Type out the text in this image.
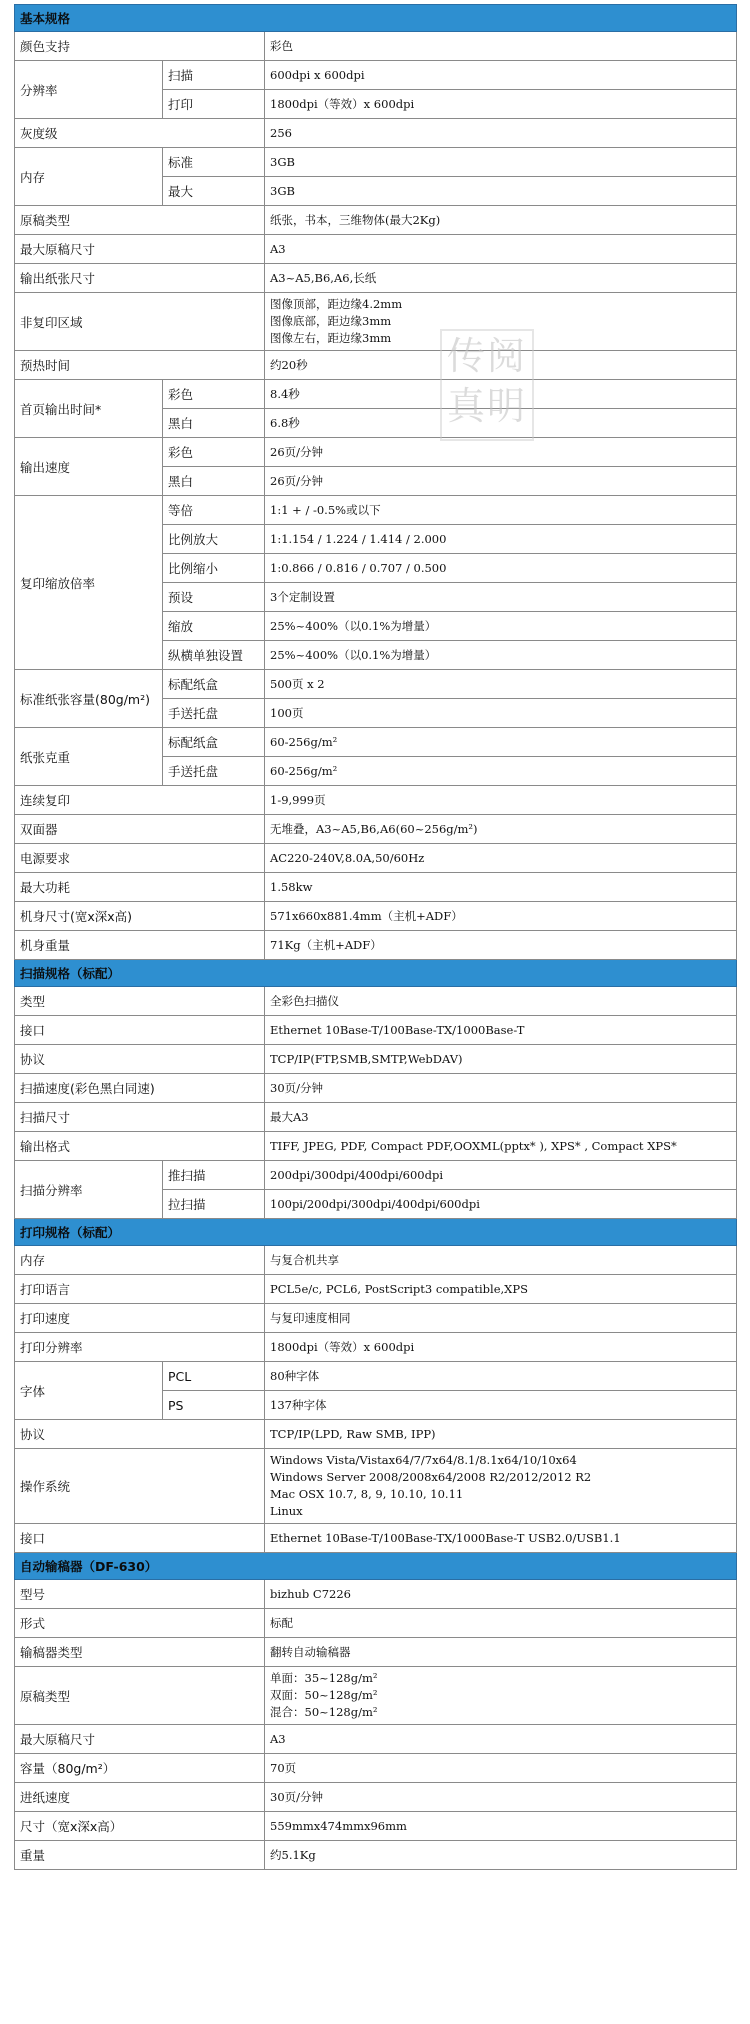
基本规格		
颜色支持		彩色
分辨率	扫描	600dpi x 600dpi
	打印	1800dpi（等效）x 600dpi
灰度级		256
内存	标准	3GB
	最大	3GB
原稿类型		纸张，书本，三维物体(最大2Kg)
最大原稿尺寸		A3
输出纸张尺寸		A3~A5,B6,A6,长纸
非复印区域		图像顶部，距边缘4.2mm
图像底部，距边缘3mm
图像左右，距边缘3mm

预热时间		约20秒
首页输出时间*	彩色	8.4秒
	黑白	6.8秒
输出速度	彩色	26页/分钟
	黑白	26页/分钟
复印缩放倍率	等倍	1:1 + / -0.5%或以下
	比例放大	1:1.154 / 1.224 / 1.414 / 2.000
	比例缩小	1:0.866 / 0.816 / 0.707 / 0.500
	预设	3个定制设置
	缩放	25%~400%（以0.1%为增量）
	纵横单独设置	25%~400%（以0.1%为增量）
标准纸张容量(80g/m²)	标配纸盒	500页 x 2
	手送托盘	100页
纸张克重	标配纸盒	60-256g/m²
	手送托盘	60-256g/m²
连续复印		1-9,999页
双面器		无堆叠，A3~A5,B6,A6(60~256g/m²)
电源要求		AC220-240V,8.0A,50/60Hz
最大功耗		1.58kw
机身尺寸(宽x深x高)		571x660x881.4mm（主机+ADF）
机身重量		71Kg（主机+ADF）
扫描规格（标配）		
类型		全彩色扫描仪
接口		Ethernet 10Base-T/100Base-TX/1000Base-T
协议		TCP/IP(FTP,SMB,SMTP,WebDAV)
扫描速度(彩色黑白同速)		30页/分钟
扫描尺寸		最大A3
输出格式		TIFF, JPEG, PDF, Compact PDF,OOXML(pptx* ), XPS* , Compact XPS*
扫描分辨率	推扫描	200dpi/300dpi/400dpi/600dpi
	拉扫描	100pi/200dpi/300dpi/400dpi/600dpi
打印规格（标配）		
内存		与复合机共享
打印语言		PCL5e/c, PCL6, PostScript3 compatible,XPS
打印速度		与复印速度相同
打印分辨率		1800dpi（等效）x 600dpi
字体	PCL	80种字体
	PS	137种字体
协议		TCP/IP(LPD, Raw SMB, IPP)
操作系统		Windows Vista/Vistax64/7/7x64/8.1/8.1x64/10/10x64
Windows Server 2008/2008x64/2008 R2/2012/2012 R2
Mac OSX 10.7, 8, 9, 10.10, 10.11
Linux

接口		Ethernet 10Base-T/100Base-TX/1000Base-T USB2.0/USB1.1
自动输稿器（DF-630）		
型号		bizhub C7226
形式		标配
输稿器类型		翻转自动输稿器
原稿类型		单面：35~128g/m²
双面：50~128g/m²
混合：50~128g/m²

最大原稿尺寸		A3
容量（80g/m²）		70页
进纸速度		30页/分钟
尺寸（宽x深x高）		559mmx474mmx96mm
重量		约5.1Kg
传阅 真明
